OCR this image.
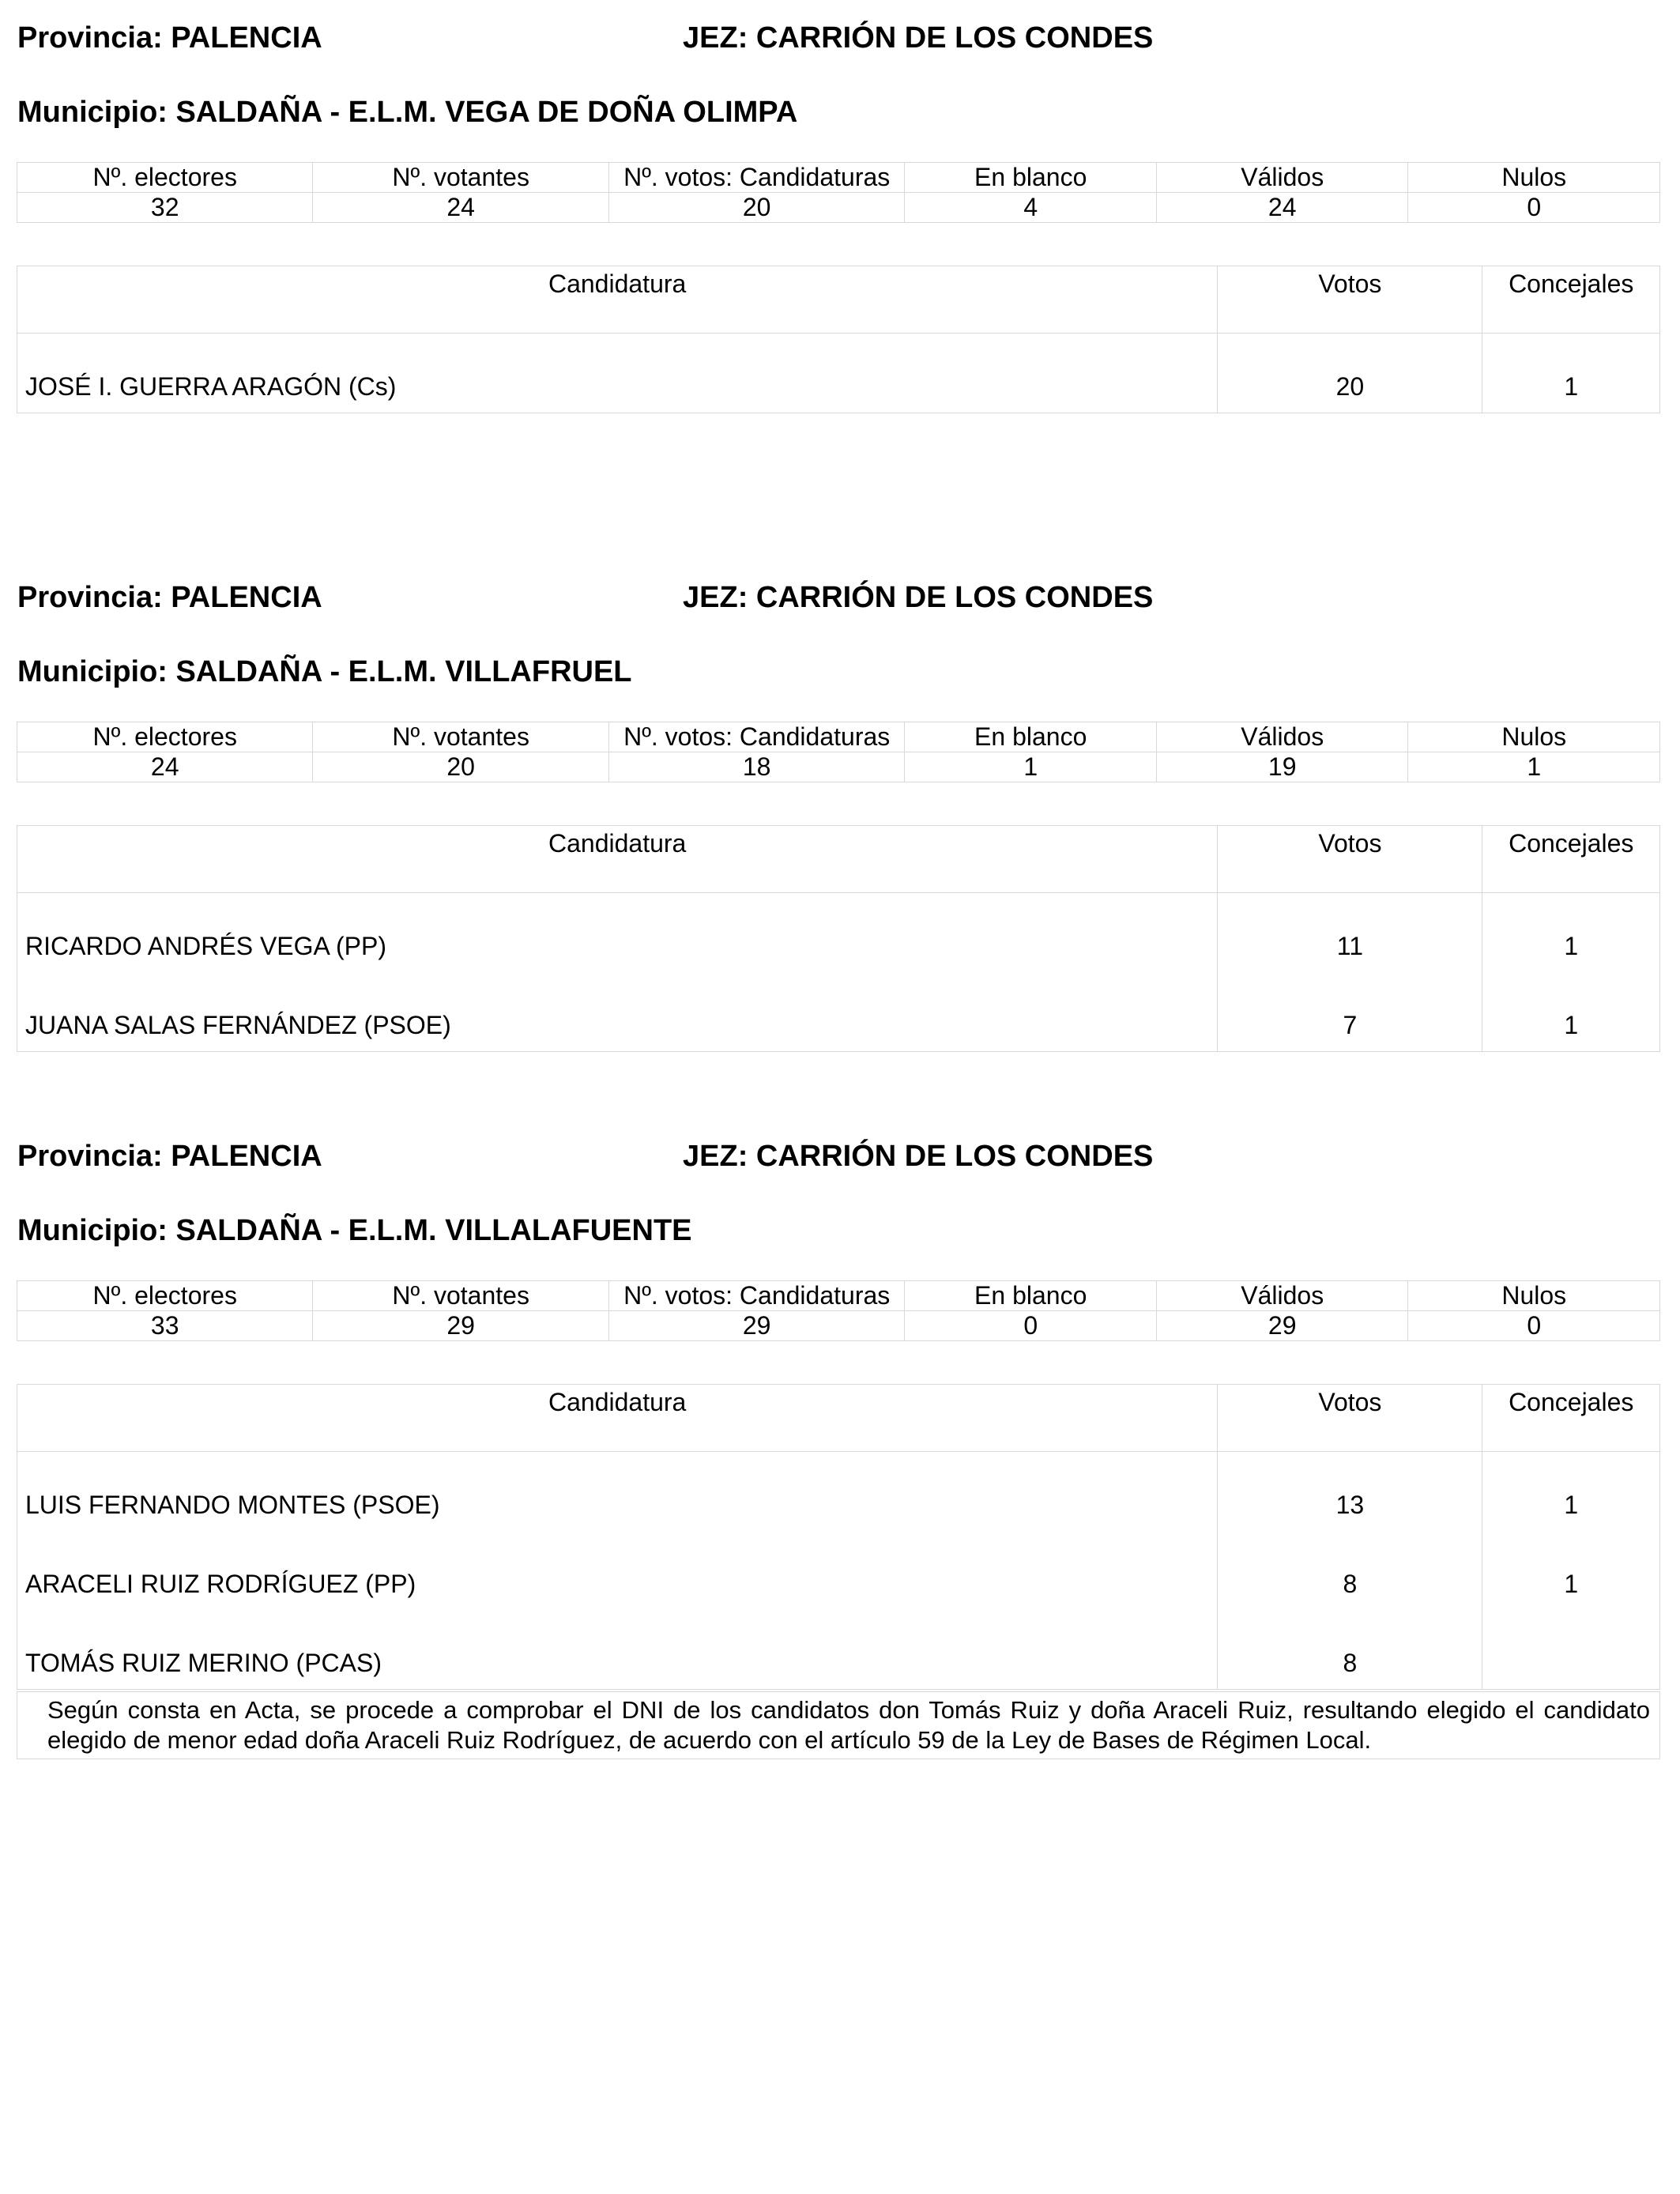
Provincia: PALENCIA	JEZ: CARRIÓN DE LOS CONDES
Municipio: SALDAÑA - E.L.M. VEGA DE DOÑA OLIMPA
Nº. electores	Nº. votantes	Nº. votos: Candidaturas	En blanco	Válidos	Nulos
32	24	20	4	24	0
Candidatura	Votos	Concejales
JOSÉ I. GUERRA ARAGÓN (Cs)	20	1
Provincia: PALENCIA	JEZ: CARRIÓN DE LOS CONDES
Municipio: SALDAÑA - E.L.M. VILLAFRUEL
Nº. electores	Nº. votantes	Nº. votos: Candidaturas	En blanco	Válidos	Nulos
24	20	18	1	19	1
Candidatura	Votos	Concejales
RICARDO ANDRÉS VEGA (PP)	11	1
JUANA SALAS FERNÁNDEZ (PSOE)	7	1
Provincia: PALENCIA	JEZ: CARRIÓN DE LOS CONDES
Municipio: SALDAÑA - E.L.M. VILLALAFUENTE
Nº. electores	Nº. votantes	Nº. votos: Candidaturas	En blanco	Válidos	Nulos
33	29	29	0	29	0
Candidatura	Votos	Concejales
LUIS FERNANDO MONTES (PSOE)	13	1
ARACELI RUIZ RODRÍGUEZ (PP)	8	1
TOMÁS RUIZ MERINO (PCAS)	8	
Según consta en Acta, se procede a comprobar el DNI de los candidatos don Tomás Ruiz y doña Araceli Ruiz, resultando elegido el candidato elegido de menor edad doña Araceli Ruiz Rodríguez, de acuerdo con el artículo 59 de la Ley de Bases de Régimen Local.
